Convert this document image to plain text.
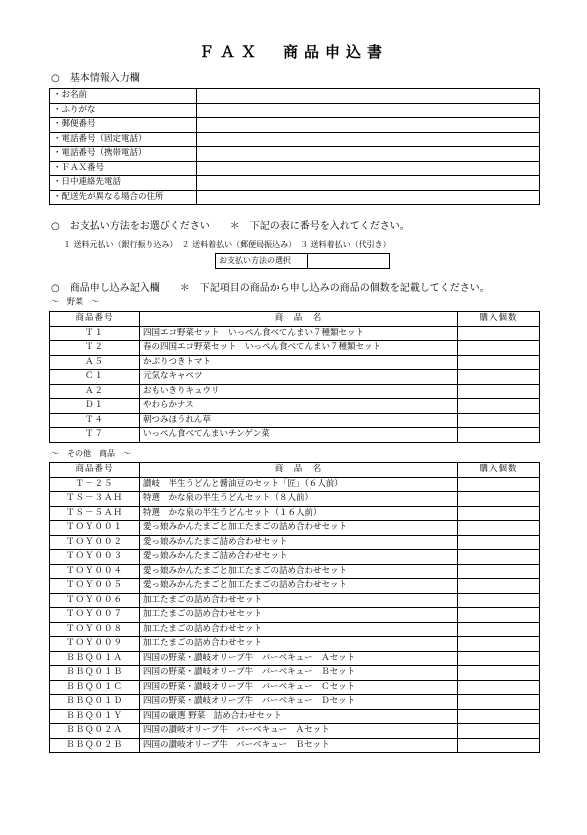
ＦＡＸ　商品申込書
○　基本情報入力欄
・お名前	
・ふりがな	
・郵便番号	
・電話番号（固定電話）	
・電話番号（携帯電話）	
・ＦＡＸ番号	
・日中連絡先電話	
・配送先が異なる場合の住所	
○　お支払い方法をお選びください　　＊　下記の表に番号を入れてください。
１ 送料元払い（銀行振り込み）　２ 送料着払い（郵便局振込み）　３ 送料着払い（代引き）
お支払い方法の選択	
○　商品申し込み記入欄　　＊　下記項目の商品から申し込みの商品の個数を記載してください。
～　野菜　～
商品番号	商　品　名	購入個数
Ｔ１	四国エコ野菜セット　いっぺん食べてんまい７種類セット	
Ｔ２	春の四国エコ野菜セット　いっぺん食べてんまい７種類セット	
Ａ５	かぶりつきトマト	
Ｃ１	元気なキャベツ	
Ａ２	おもいきりキュウリ	
Ｄ１	やわらかナス	
Ｔ４	朝つみほうれん草	
Ｔ７	いっぺん食べてんまいチンゲン菜	
～　その他　商品　～
商品番号	商　品　名	購入個数
Ｔ－２５	讃岐　半生うどんと醤油豆のセット「匠」（６人前）	
ＴＳ－３ＡＨ	特選　かな泉の半生うどんセット（８人前）	
ＴＳ－５ＡＨ	特選　かな泉の半生うどんセット（１６人前）	
ＴＯＹ００１	愛っ娘みかんたまごと加工たまごの詰め合わせセット	
ＴＯＹ００２	愛っ娘みかんたまご詰め合わせセット	
ＴＯＹ００３	愛っ娘みかんたまご詰め合わせセット	
ＴＯＹ００４	愛っ娘みかんたまごと加工たまごの詰め合わせセット	
ＴＯＹ００５	愛っ娘みかんたまごと加工たまごの詰め合わせセット	
ＴＯＹ００６	加工たまごの詰め合わせセット	
ＴＯＹ００７	加工たまごの詰め合わせセット	
ＴＯＹ００８	加工たまごの詰め合わせセット	
ＴＯＹ００９	加工たまごの詰め合わせセット	
ＢＢＱ０１Ａ	四国の野菜・讃岐オリーブ牛　バーベキュー　Ａセット	
ＢＢＱ０１Ｂ	四国の野菜・讃岐オリーブ牛　バーベキュー　Ｂセット	
ＢＢＱ０１Ｃ	四国の野菜・讃岐オリーブ牛　バーベキュー　Ｃセット	
ＢＢＱ０１Ｄ	四国の野菜・讃岐オリーブ牛　バーベキュー　Ｄセット	
ＢＢＱ０１Ｙ	四国の厳選 野菜　詰め合わせセット	
ＢＢＱ０２Ａ	四国の讃岐オリーブ牛　バーベキュー　Ａセット	
ＢＢＱ０２Ｂ	四国の讃岐オリーブ牛　バーベキュー　Ｂセット	
